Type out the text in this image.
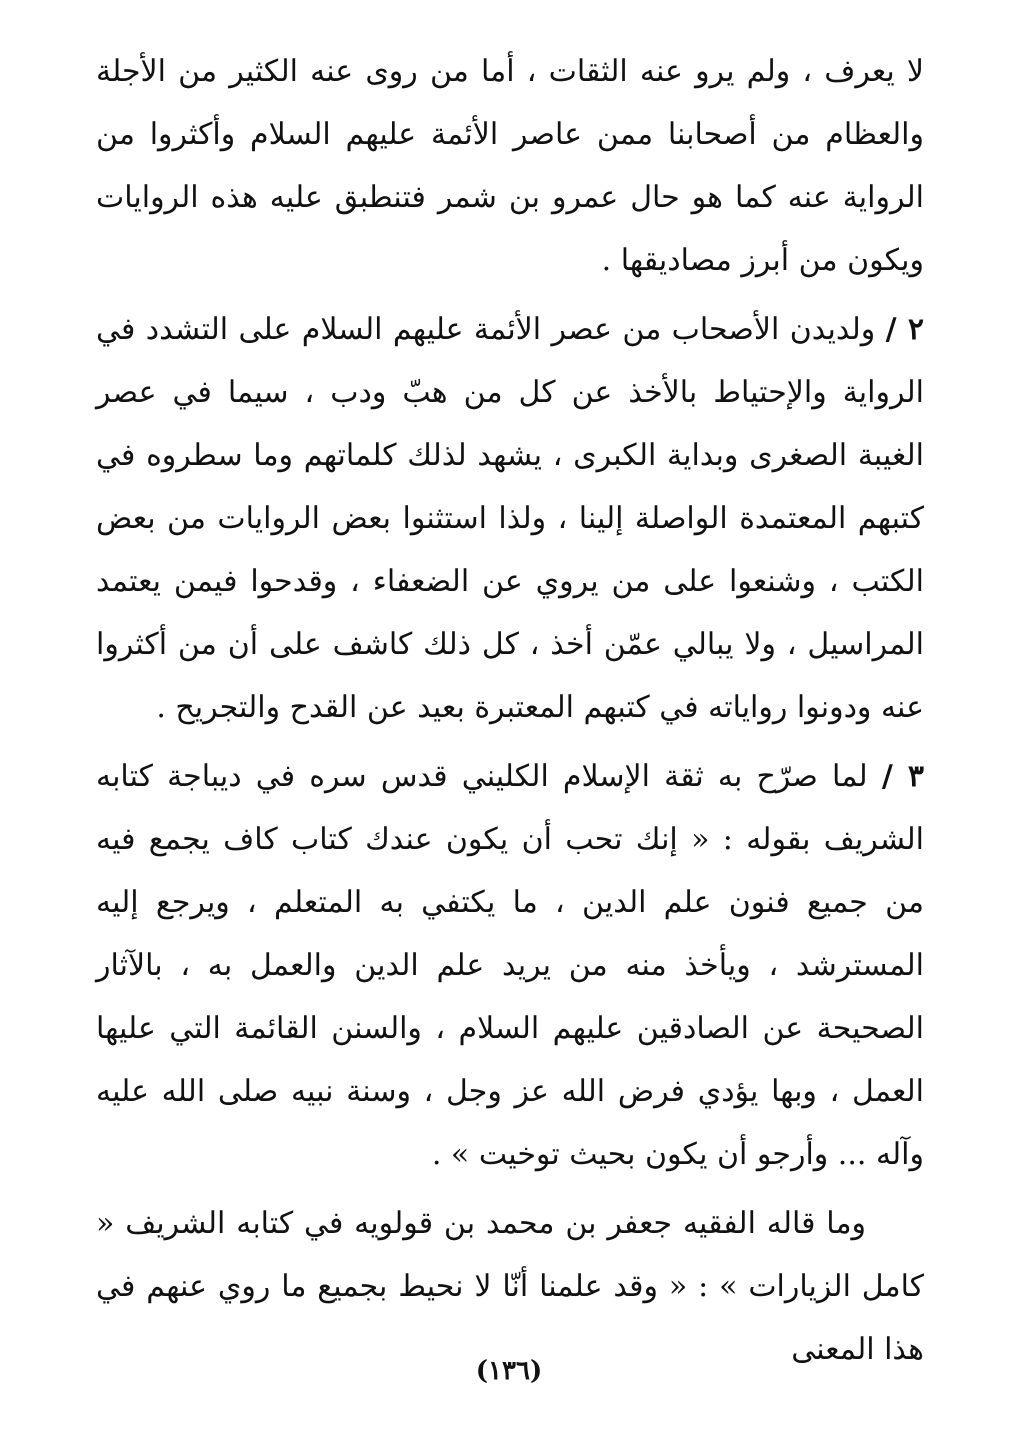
لا يعرف ، ولم يرو عنه الثقات ، أما من روى عنه الكثير من الأجلة والعظام من أصحابنا ممن عاصر الأئمة عليهم السلام وأكثروا من الرواية عنه كما هو حال عمرو بن شمر فتنطبق عليه هذه الروايات ويكون من أبرز مصاديقها .

٢ / ولديدن الأصحاب من عصر الأئمة عليهم السلام على التشدد في الرواية والإحتياط بالأخذ عن كل من هبّ ودب ، سيما في عصر الغيبة الصغرى وبداية الكبرى ، يشهد لذلك كلماتهم وما سطروه في كتبهم المعتمدة الواصلة إلينا ، ولذا استثنوا بعض الروايات من بعض الكتب ، وشنعوا على من يروي عن الضعفاء ، وقدحوا فيمن يعتمد المراسيل ، ولا يبالي عمّن أخذ ، كل ذلك كاشف على أن من أكثروا عنه ودونوا رواياته في كتبهم المعتبرة بعيد عن القدح والتجريح .

٣ / لما صرّح به ثقة الإسلام الكليني قدس سره في ديباجة كتابه الشريف بقوله : « إنك تحب أن يكون عندك كتاب كاف يجمع فيه من جميع فنون علم الدين ، ما يكتفي به المتعلم ، ويرجع إليه المسترشد ، ويأخذ منه من يريد علم الدين والعمل به ، بالآثار الصحيحة عن الصادقين عليهم السلام ، والسنن القائمة التي عليها العمل ، وبها يؤدي فرض الله عز وجل ، وسنة نبيه صلى الله عليه وآله ... وأرجو أن يكون بحيث توخيت » .

وما قاله الفقيه جعفر بن محمد بن قولويه في كتابه الشريف « كامل الزيارات » : « وقد علمنا أنّا لا نحيط بجميع ما روي عنهم في هذا المعنى

(١٣٦)
